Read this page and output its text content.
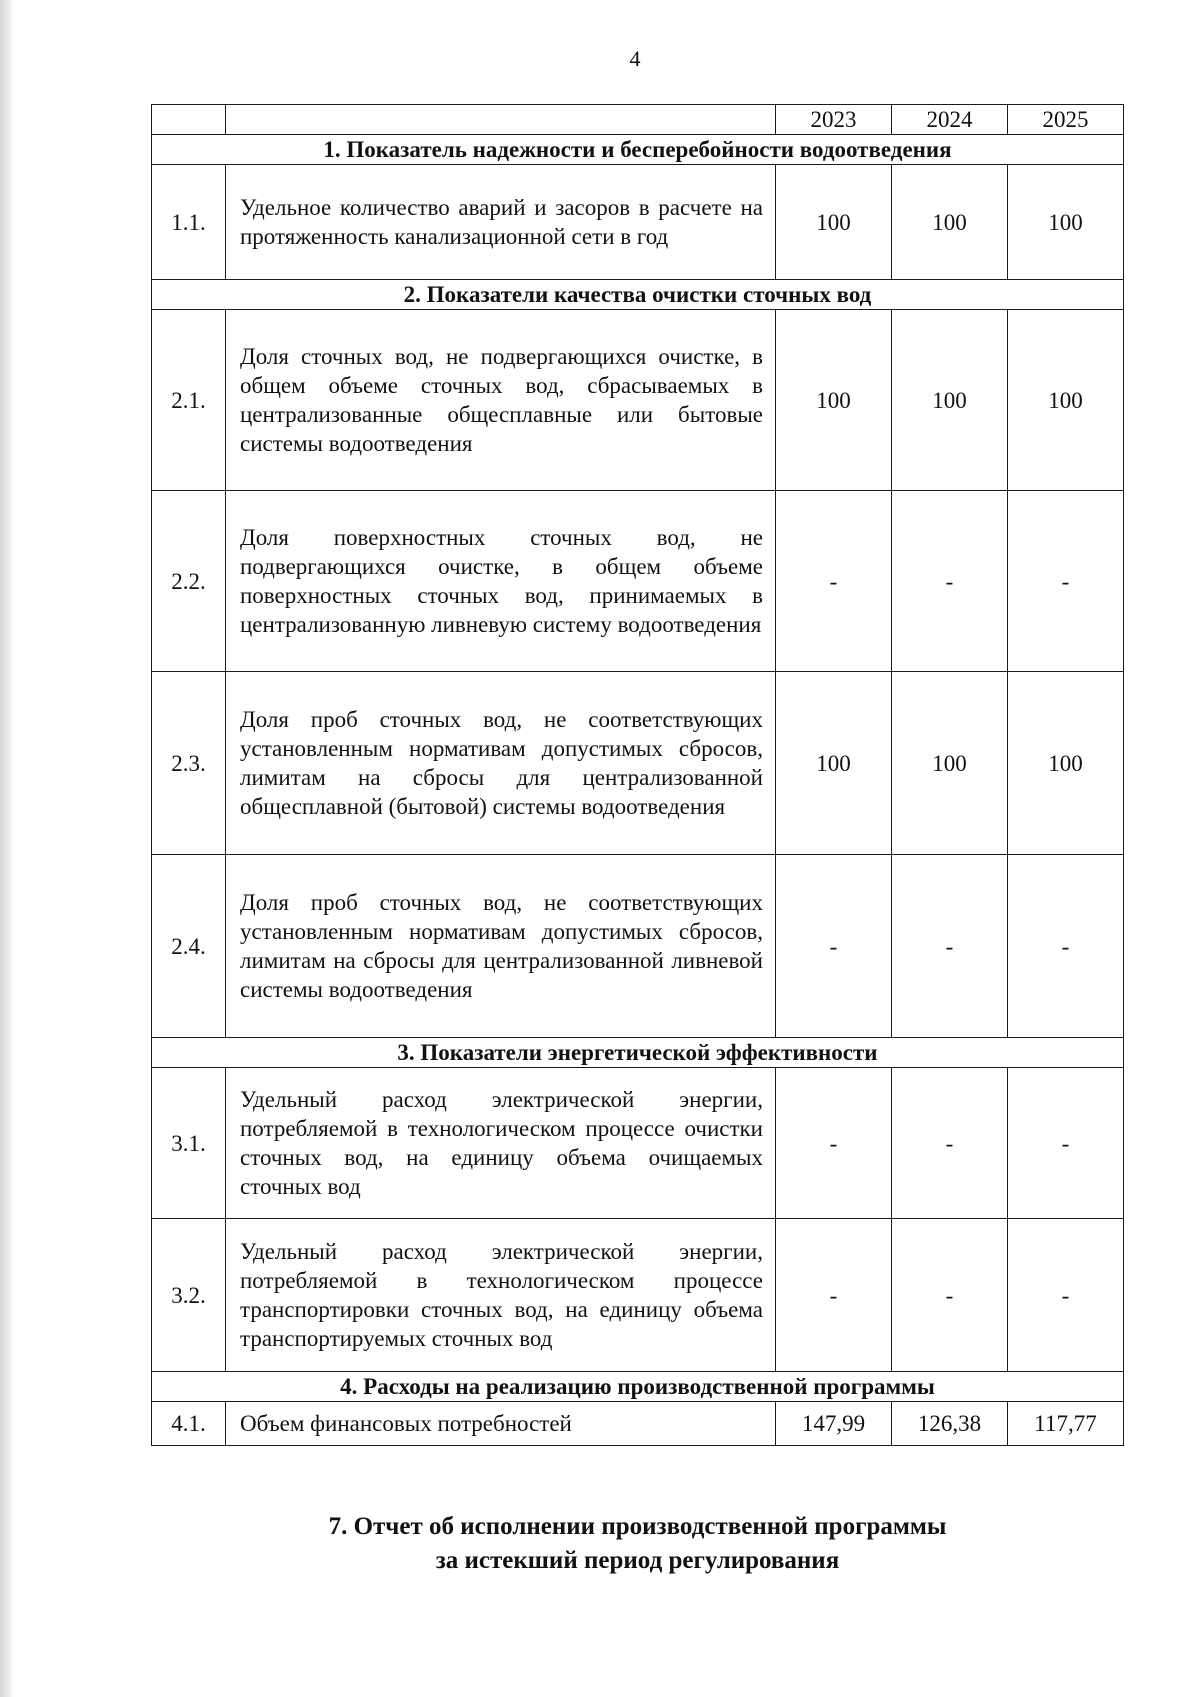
4
		2023	2024	2025
1. Показатель надежности и бесперебойности водоотведения				
1.1.	Удельное количество аварий и засоров в расчете на протяженность канализационной сети в год	100	100	100
2. Показатели качества очистки сточных вод				
2.1.	Доля сточных вод, не подвергающихся очистке, в общем объеме сточных вод, сбрасываемых в централизованные общесплавные или бытовые системы водоотведения	100	100	100
2.2.	Доля поверхностных сточных вод, не подвергающихся очистке, в общем объеме поверхностных сточных вод, принимаемых в централизованную ливневую систему водоотведения	-	-	-
2.3.	Доля проб сточных вод, не соответствующих установленным нормативам допустимых сбросов, лимитам на сбросы для централизованной общесплавной (бытовой) системы водоотведения	100	100	100
2.4.	Доля проб сточных вод, не соответствующих установленным нормативам допустимых сбросов, лимитам на сбросы для централизованной ливневой системы водоотведения	-	-	-
3. Показатели энергетической эффективности				
3.1.	Удельный расход электрической энергии, потребляемой в технологическом процессе очистки сточных вод, на единицу объема очищаемых сточных вод	-	-	-
3.2.	Удельный расход электрической энергии, потребляемой в технологическом процессе транспортировки сточных вод, на единицу объема транспортируемых сточных вод	-	-	-
4. Расходы на реализацию производственной программы				
4.1.	Объем финансовых потребностей	147,99	126,38	117,77
7. Отчет об исполнении производственной программы
за истекший период регулирования
